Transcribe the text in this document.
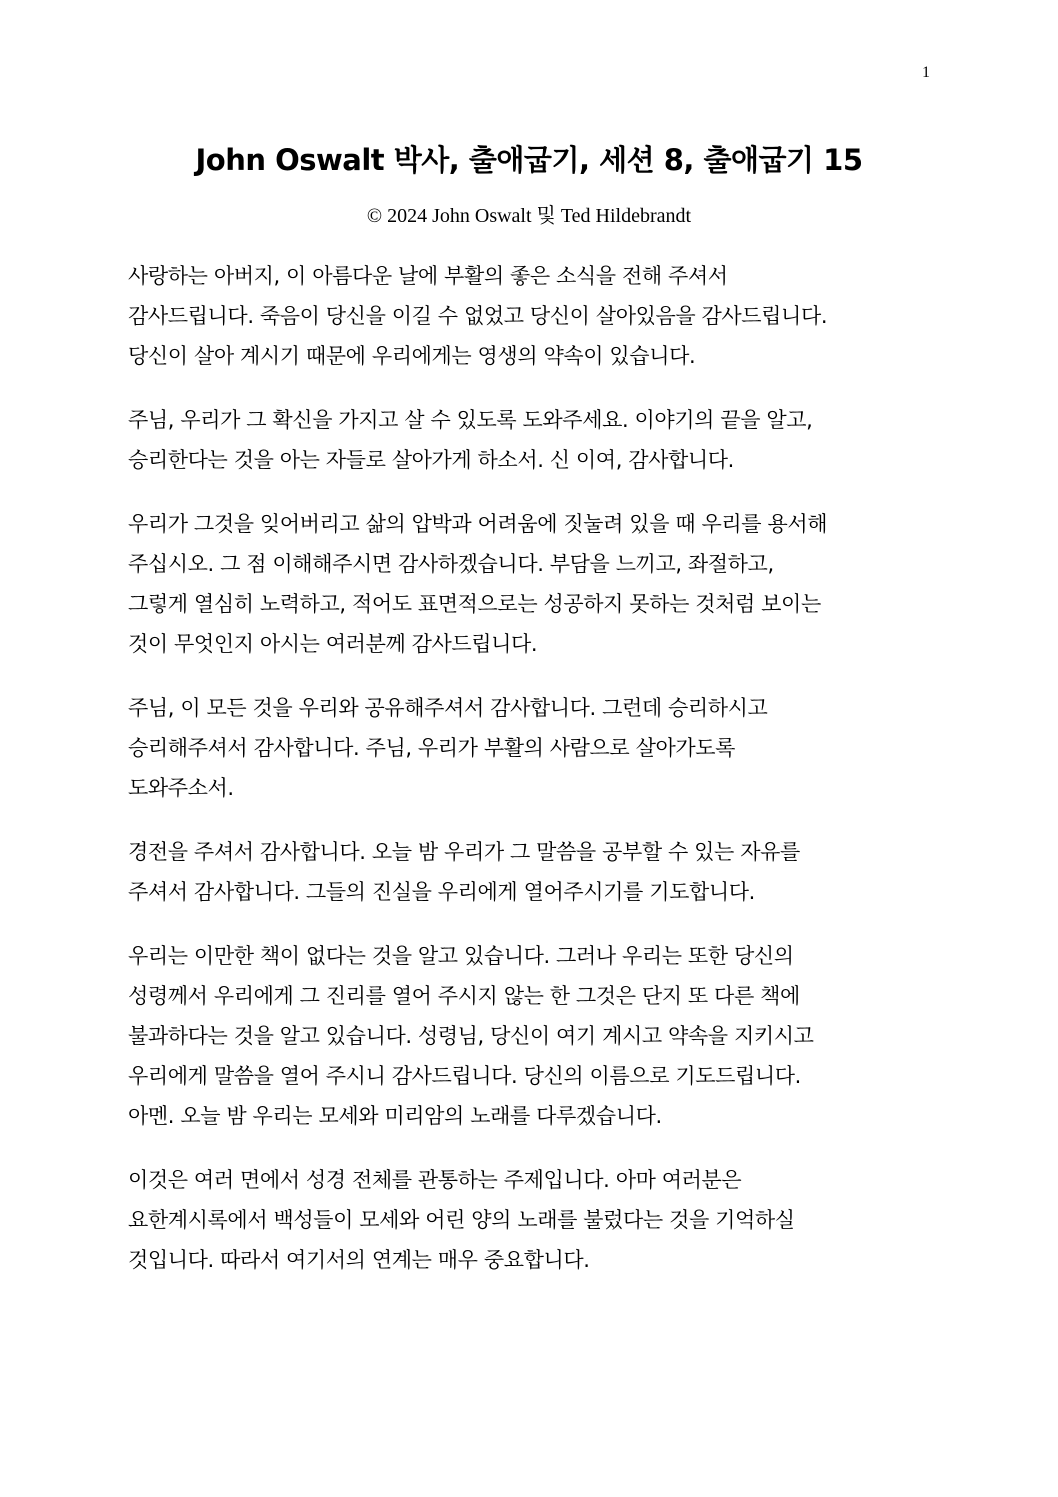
1
John Oswalt 박사, 출애굽기, 세션 8, 출애굽기 15

© 2024 John Oswalt 및 Ted Hildebrandt

사랑하는 아버지, 이 아름다운 날에 부활의 좋은 소식을 전해 주셔서
감사드립니다. 죽음이 당신을 이길 수 없었고 당신이 살아있음을 감사드립니다.
당신이 살아 계시기 때문에 우리에게는 영생의 약속이 있습니다.

주님, 우리가 그 확신을 가지고 살 수 있도록 도와주세요. 이야기의 끝을 알고,
승리한다는 것을 아는 자들로 살아가게 하소서. 신 이여, 감사합니다.

우리가 그것을 잊어버리고 삶의 압박과 어려움에 짓눌려 있을 때 우리를 용서해
주십시오. 그 점 이해해주시면 감사하겠습니다. 부담을 느끼고, 좌절하고,
그렇게 열심히 노력하고, 적어도 표면적으로는 성공하지 못하는 것처럼 보이는
것이 무엇인지 아시는 여러분께 감사드립니다.

주님, 이 모든 것을 우리와 공유해주셔서 감사합니다. 그런데 승리하시고
승리해주셔서 감사합니다. 주님, 우리가 부활의 사람으로 살아가도록
도와주소서.

경전을 주셔서 감사합니다. 오늘 밤 우리가 그 말씀을 공부할 수 있는 자유를
주셔서 감사합니다. 그들의 진실을 우리에게 열어주시기를 기도합니다.

우리는 이만한 책이 없다는 것을 알고 있습니다. 그러나 우리는 또한 당신의
성령께서 우리에게 그 진리를 열어 주시지 않는 한 그것은 단지 또 다른 책에
불과하다는 것을 알고 있습니다. 성령님, 당신이 여기 계시고 약속을 지키시고
우리에게 말씀을 열어 주시니 감사드립니다. 당신의 이름으로 기도드립니다.
아멘. 오늘 밤 우리는 모세와 미리암의 노래를 다루겠습니다.

이것은 여러 면에서 성경 전체를 관통하는 주제입니다. 아마 여러분은
요한계시록에서 백성들이 모세와 어린 양의 노래를 불렀다는 것을 기억하실
것입니다. 따라서 여기서의 연계는 매우 중요합니다.
